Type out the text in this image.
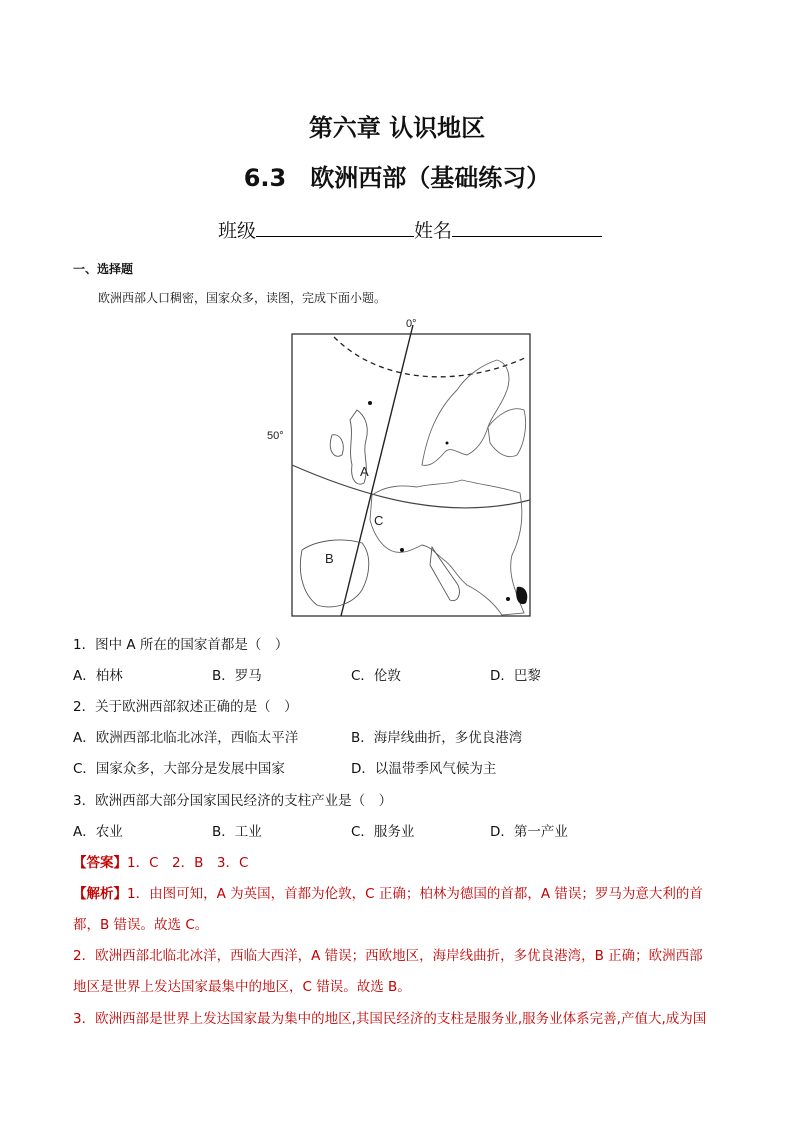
第六章 认识地区
6.3　欧洲西部（基础练习）
班级	姓名
一、选择题
欧洲西部人口稠密，国家众多，读图，完成下面小题。
0°
50°
A
B
C
1．图中 A 所在的国家首都是（　）
A．柏林	B．罗马	C．伦敦	D．巴黎
2．关于欧洲西部叙述正确的是（　）
A．欧洲西部北临北冰洋，西临太平洋	B．海岸线曲折，多优良港湾
C．国家众多，大部分是发展中国家	D．以温带季风气候为主
3．欧洲西部大部分国家国民经济的支柱产业是（　）
A．农业	B．工业	C．服务业	D．第一产业
【答案】1．C　2．B　3．C
【解析】1．由图可知，A 为英国，首都为伦敦，C 正确；柏林为德国的首都，A 错误；罗马为意大利的首
都，B 错误。故选 C。
2．欧洲西部北临北冰洋，西临大西洋，A 错误；西欧地区，海岸线曲折，多优良港湾，B 正确；欧洲西部
地区是世界上发达国家最集中的地区，C 错误。故选 B。
3．欧洲西部是世界上发达国家最为集中的地区,其国民经济的支柱是服务业,服务业体系完善,产值大,成为国
